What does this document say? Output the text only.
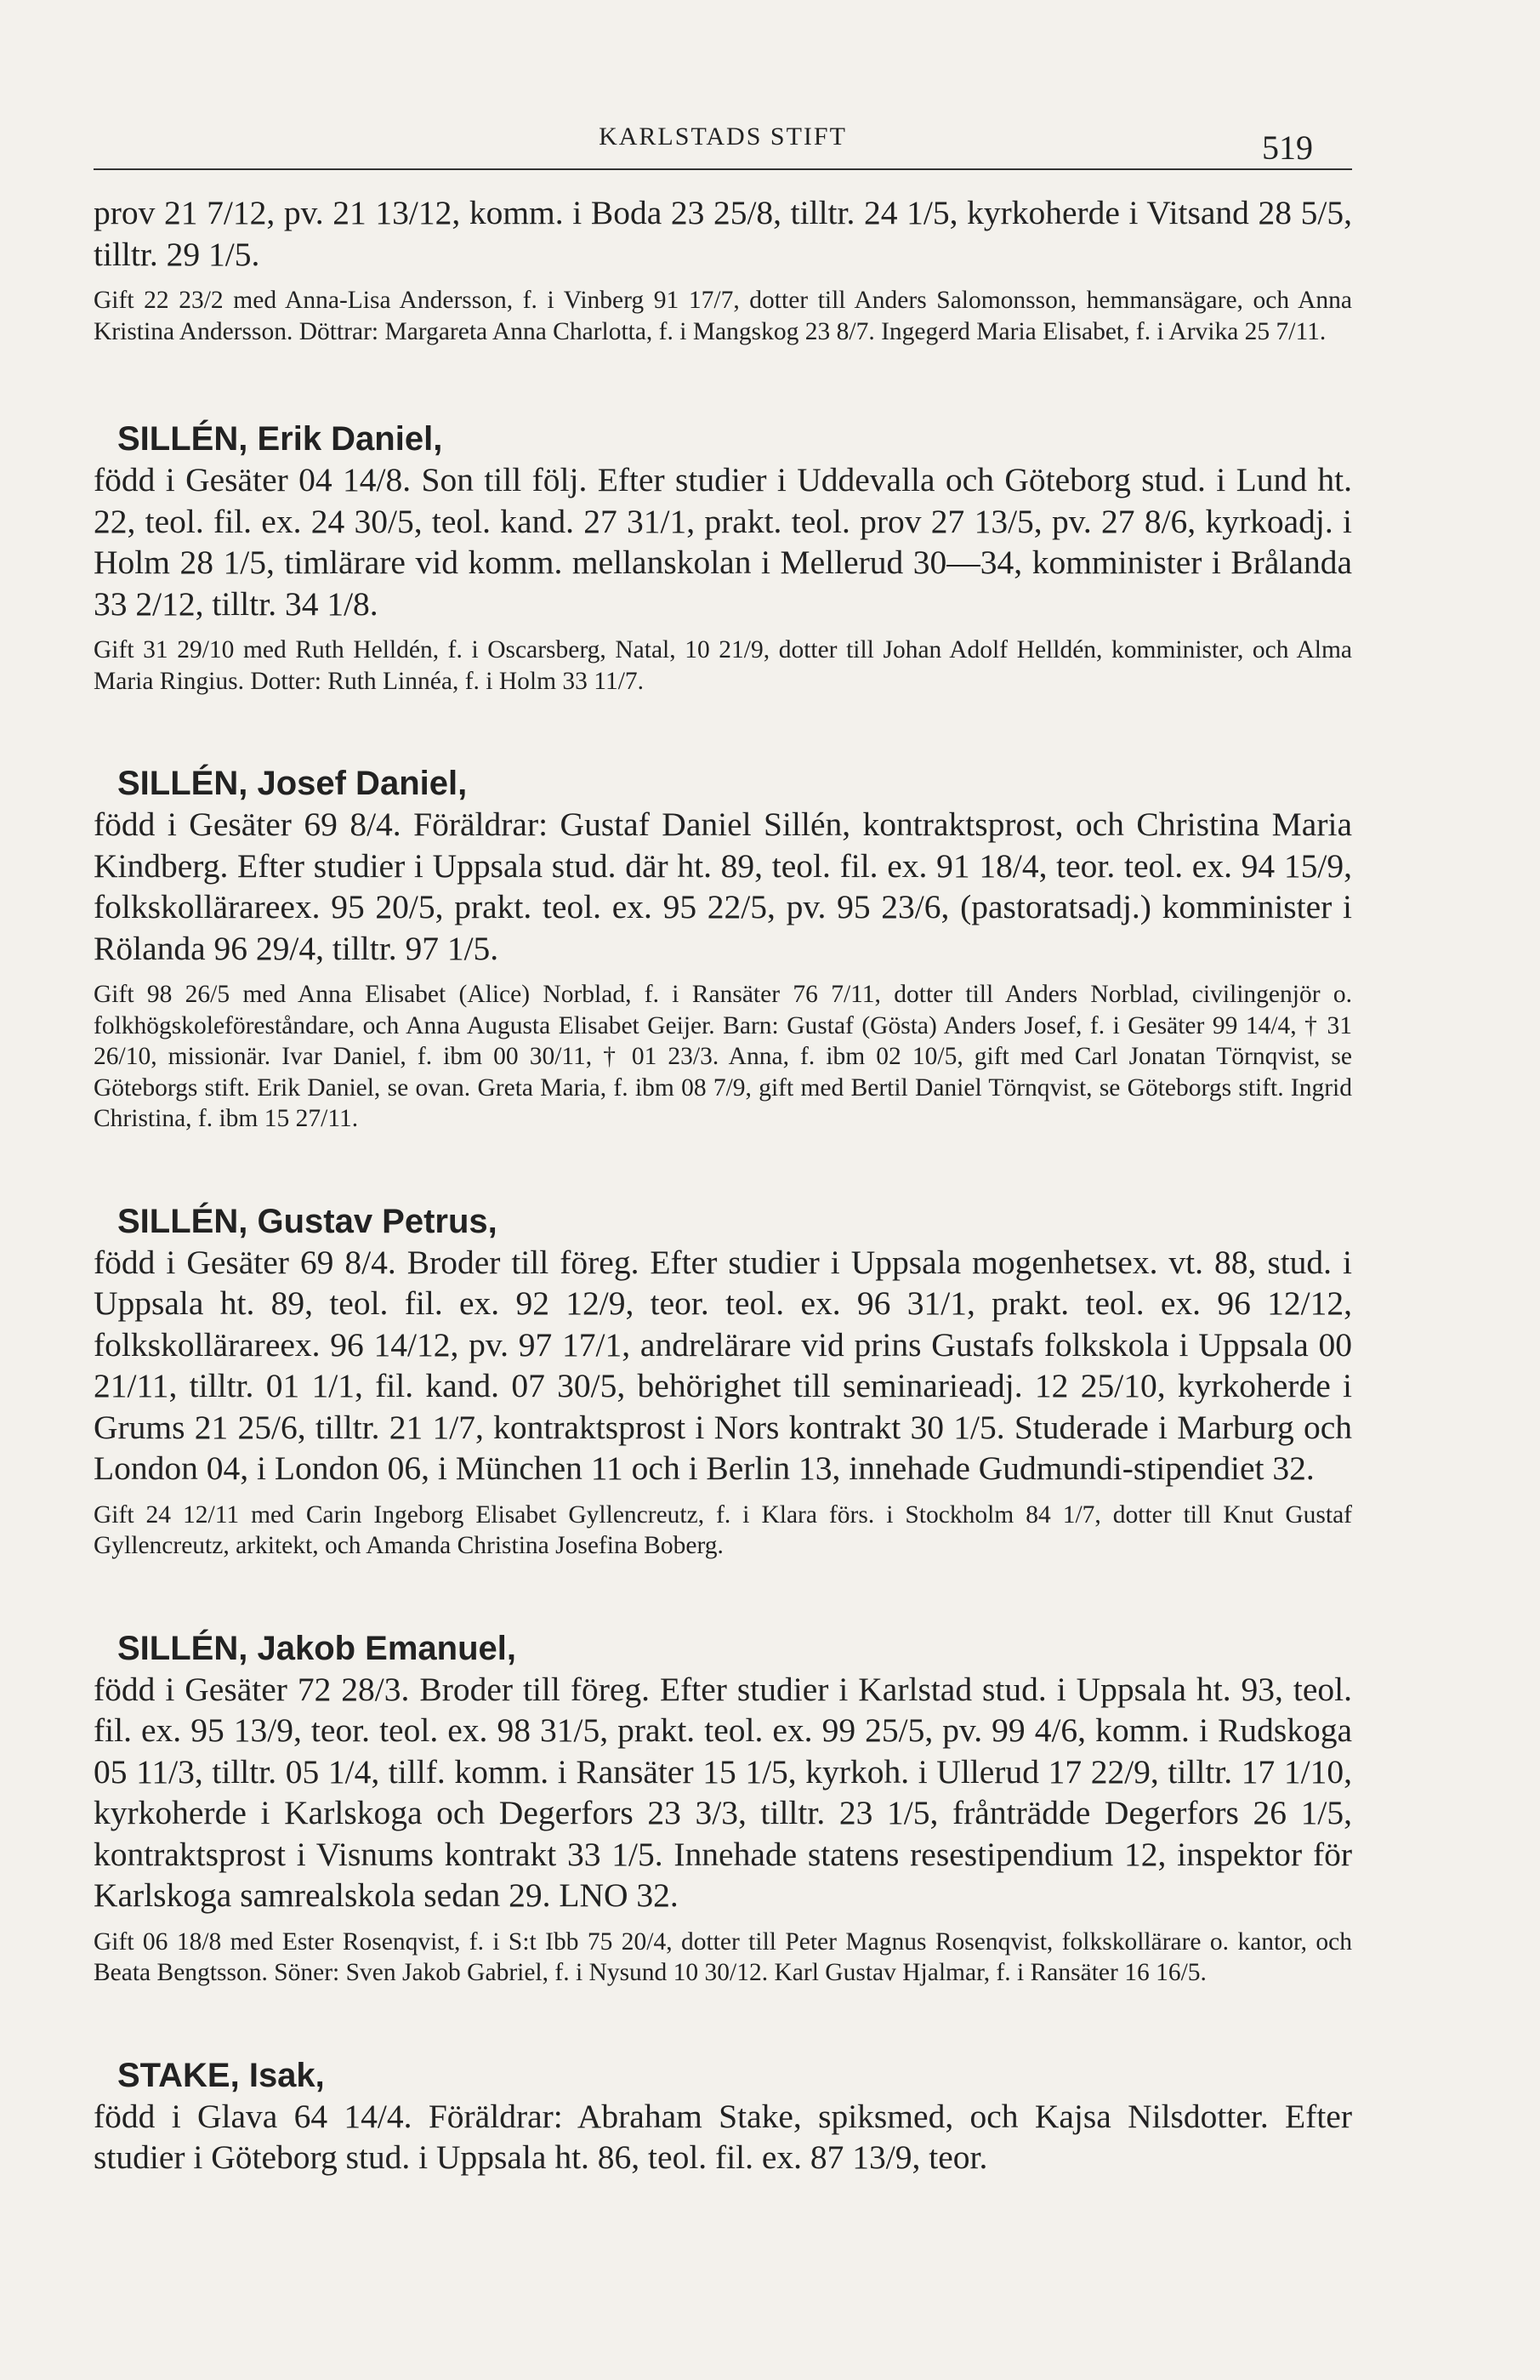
KARLSTADS STIFT	519

prov 21 7/12, pv. 21 13/12, komm. i Boda 23 25/8, tilltr. 24 1/5, kyrkoherde i Vitsand 28 5/5, tilltr. 29 1/5.

Gift 22 23/2 med Anna-Lisa Andersson, f. i Vinberg 91 17/7, dotter till Anders Salomonsson, hemmansägare, och Anna Kristina Andersson. Döttrar: Margareta Anna Charlotta, f. i Mangskog 23 8/7. Ingegerd Maria Elisabet, f. i Arvika 25 7/11.

SILLÉN, Erik Daniel,

född i Gesäter 04 14/8. Son till följ. Efter studier i Uddevalla och Göteborg stud. i Lund ht. 22, teol. fil. ex. 24 30/5, teol. kand. 27 31/1, prakt. teol. prov 27 13/5, pv. 27 8/6, kyrkoadj. i Holm 28 1/5, timlärare vid komm. mellanskolan i Mellerud 30—34, komminister i Brålanda 33 2/12, tilltr. 34 1/8.

Gift 31 29/10 med Ruth Helldén, f. i Oscarsberg, Natal, 10 21/9, dotter till Johan Adolf Helldén, komminister, och Alma Maria Ringius. Dotter: Ruth Linnéa, f. i Holm 33 11/7.

SILLÉN, Josef Daniel,

född i Gesäter 69 8/4. Föräldrar: Gustaf Daniel Sillén, kontraktsprost, och Christina Maria Kindberg. Efter studier i Uppsala stud. där ht. 89, teol. fil. ex. 91 18/4, teor. teol. ex. 94 15/9, folkskollärareex. 95 20/5, prakt. teol. ex. 95 22/5, pv. 95 23/6, (pastoratsadj.) komminister i Rölanda 96 29/4, tilltr. 97 1/5.

Gift 98 26/5 med Anna Elisabet (Alice) Norblad, f. i Ransäter 76 7/11, dotter till Anders Norblad, civilingenjör o. folkhögskoleföreståndare, och Anna Augusta Elisabet Geijer. Barn: Gustaf (Gösta) Anders Josef, f. i Gesäter 99 14/4, † 31 26/10, missionär. Ivar Daniel, f. ibm 00 30/11, † 01 23/3. Anna, f. ibm 02 10/5, gift med Carl Jonatan Törnqvist, se Göteborgs stift. Erik Daniel, se ovan. Greta Maria, f. ibm 08 7/9, gift med Bertil Daniel Törnqvist, se Göteborgs stift. Ingrid Christina, f. ibm 15 27/11.

SILLÉN, Gustav Petrus,

född i Gesäter 69 8/4. Broder till föreg. Efter studier i Uppsala mogenhetsex. vt. 88, stud. i Uppsala ht. 89, teol. fil. ex. 92 12/9, teor. teol. ex. 96 31/1, prakt. teol. ex. 96 12/12, folkskollärareex. 96 14/12, pv. 97 17/1, andrelärare vid prins Gustafs folkskola i Uppsala 00 21/11, tilltr. 01 1/1, fil. kand. 07 30/5, behörighet till seminarieadj. 12 25/10, kyrkoherde i Grums 21 25/6, tilltr. 21 1/7, kontraktsprost i Nors kontrakt 30 1/5. Studerade i Marburg och London 04, i London 06, i München 11 och i Berlin 13, innehade Gudmundi-stipendiet 32.

Gift 24 12/11 med Carin Ingeborg Elisabet Gyllencreutz, f. i Klara förs. i Stockholm 84 1/7, dotter till Knut Gustaf Gyllencreutz, arkitekt, och Amanda Christina Josefina Boberg.

SILLÉN, Jakob Emanuel,

född i Gesäter 72 28/3. Broder till föreg. Efter studier i Karlstad stud. i Uppsala ht. 93, teol. fil. ex. 95 13/9, teor. teol. ex. 98 31/5, prakt. teol. ex. 99 25/5, pv. 99 4/6, komm. i Rudskoga 05 11/3, tilltr. 05 1/4, tillf. komm. i Ransäter 15 1/5, kyrkoh. i Ullerud 17 22/9, tilltr. 17 1/10, kyrkoherde i Karlskoga och Degerfors 23 3/3, tilltr. 23 1/5, frånträdde Degerfors 26 1/5, kontraktsprost i Visnums kontrakt 33 1/5. Innehade statens resestipendium 12, inspektor för Karlskoga samrealskola sedan 29. LNO 32.

Gift 06 18/8 med Ester Rosenqvist, f. i S:t Ibb 75 20/4, dotter till Peter Magnus Rosenqvist, folkskollärare o. kantor, och Beata Bengtsson. Söner: Sven Jakob Gabriel, f. i Nysund 10 30/12. Karl Gustav Hjalmar, f. i Ransäter 16 16/5.

STAKE, Isak,

född i Glava 64 14/4. Föräldrar: Abraham Stake, spiksmed, och Kajsa Nilsdotter. Efter studier i Göteborg stud. i Uppsala ht. 86, teol. fil. ex. 87 13/9, teor.
